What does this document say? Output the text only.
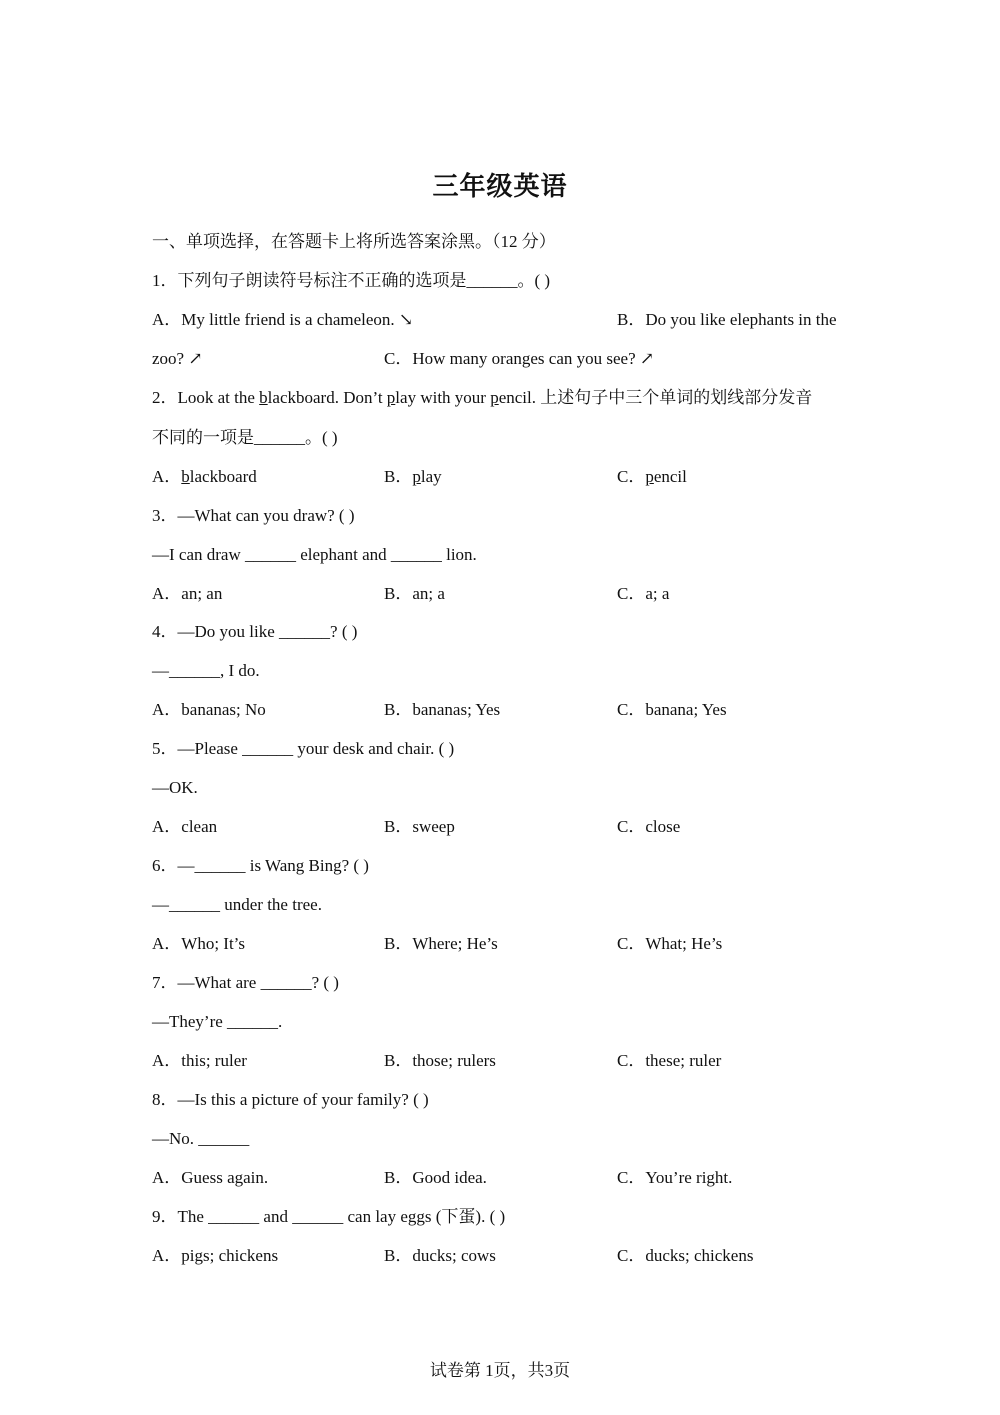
三年级英语
一、单项选择，在答题卡上将所选答案涂黑。（12 分）
1．下列句子朗读符号标注不正确的选项是______。( )
A．My little friend is a chameleon. ↘	B．Do you like elephants in the
zoo? ↗	C．How many oranges can you see? ↗
2．Look at the blackboard. Don’t play with your pencil. 上述句子中三个单词的划线部分发音
不同的一项是______。( )
A．blackboard	B．play	C．pencil
3．—What can you draw? ( )
—I can draw ______ elephant and ______ lion.
A．an; an	B．an; a	C．a; a
4．—Do you like ______? ( )
—______, I do.
A．bananas; No	B．bananas; Yes	C．banana; Yes
5．—Please ______ your desk and chair. ( )
—OK.
A．clean	B．sweep	C．close
6．—______ is Wang Bing? ( )
—______ under the tree.
A．Who; It’s	B．Where; He’s	C．What; He’s
7．—What are ______? ( )
—They’re ______.
A．this; ruler	B．those; rulers	C．these; ruler
8．—Is this a picture of your family? ( )
—No. ______
A．Guess again.	B．Good idea.	C．You’re right.
9．The ______ and ______ can lay eggs (下蛋). ( )
A．pigs; chickens	B．ducks; cows	C．ducks; chickens
试卷第 1页，共3页
